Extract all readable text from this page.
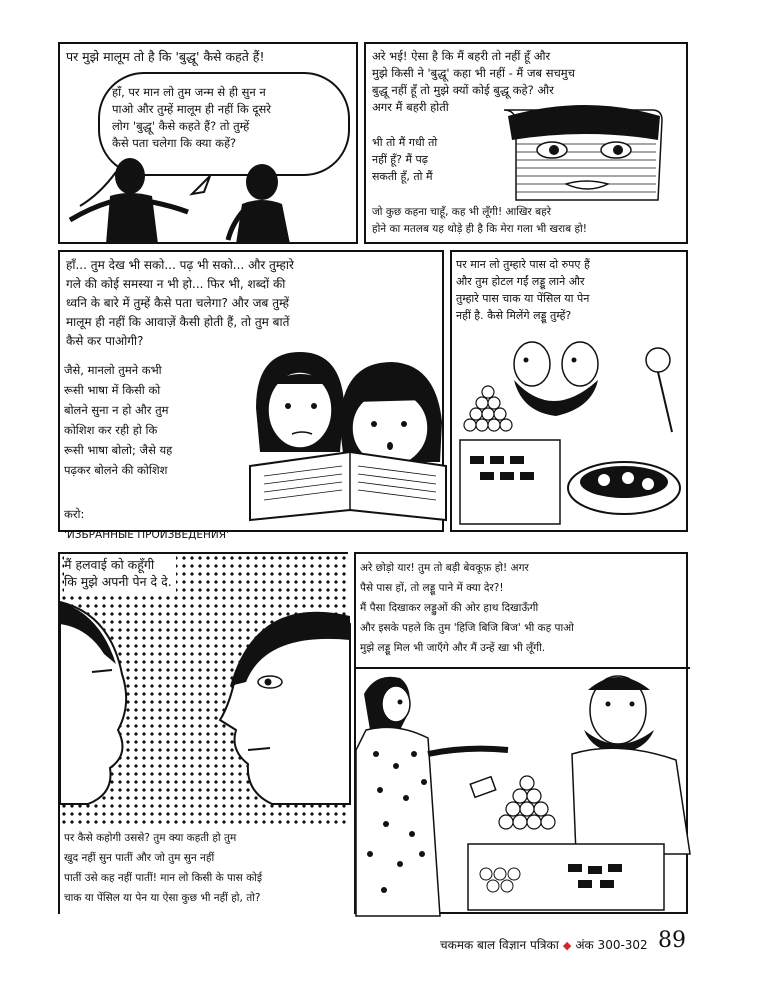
पर मुझे मालूम तो है कि 'बुद्धू' कैसे कहते हैं!
हाँ, पर मान लो तुम जन्म से ही सुन न
पाओ और तुम्हें मालूम ही नहीं कि दूसरे
लोग 'बुद्धू' कैसे कहते हैं? तो तुम्हें
कैसे पता चलेगा कि क्या कहें?
अरे भई! ऐसा है कि मैं बहरी तो नहीं हूँ और
मुझे किसी ने 'बुद्धू' कहा भी नहीं - मैं जब सचमुच
बुद्धू नहीं हूँ तो मुझे क्यों कोई बुद्धू कहे? और
अगर मैं बहरी होती
भी तो मैं गधी तो
नहीं हूँ? मैं पढ़
सकती हूँ, तो मैं
जो कुछ कहना चाहूँ, कह भी लूँगी! आखिर बहरे
होने का मतलब यह थोड़े ही है कि मेरा गला भी खराब हो!
हाँ... तुम देख भी सको... पढ़ भी सको... और तुम्हारे
गले की कोई समस्या न भी हो... फिर भी, शब्दों की
ध्वनि के बारे में तुम्हें कैसे पता चलेगा? और जब तुम्हें
मालूम ही नहीं कि आवाज़ें कैसी होती हैं, तो तुम बातें
कैसे कर पाओगी?
जैसे, मानलो तुमने कभी
रूसी भाषा में किसी को
बोलने सुना न हो और तुम
कोशिश कर रही हो कि
रूसी भाषा बोलो; जैसे यह
पढ़कर बोलने की कोशिश

करो:
'ИЗБРАННЫЕ ПРОИЗВЕДЕНИЯ'

पर मान लो तुम्हारे पास दो रुपए हैं
और तुम होटल गईं लड्डू लाने और
तुम्हारे पास चाक या पेंसिल या पेन
नहीं है. कैसे मिलेंगे लड्डू तुम्हें?
मैं हलवाई को कहूँगी
कि मुझे अपनी पेन दे दे.
पर कैसे कहोगी उससे? तुम क्या कहती हो तुम
खुद नहीं सुन पातीं और जो तुम सुन नहीं
पातीं उसे कह नहीं पातीं! मान लो किसी के पास कोई
चाक या पेंसिल या पेन या ऐसा कुछ भी नहीं हो, तो?
अरे छोड़ो यार! तुम तो बड़ी बेवकूफ़ हो! अगर
पैसे पास हों, तो लड्डू पाने में क्या देर?!
मैं पैसा दिखाकर लड्डुओं की ओर हाथ दिखाऊँगी
और इसके पहले कि तुम 'हिजि बिजि बिज' भी कह पाओ
मुझे लड्डू मिल भी जाएँगे और मैं उन्हें खा भी लूँगी.
चकमक बाल विज्ञान पत्रिका ◆ अंक 300-302 89
